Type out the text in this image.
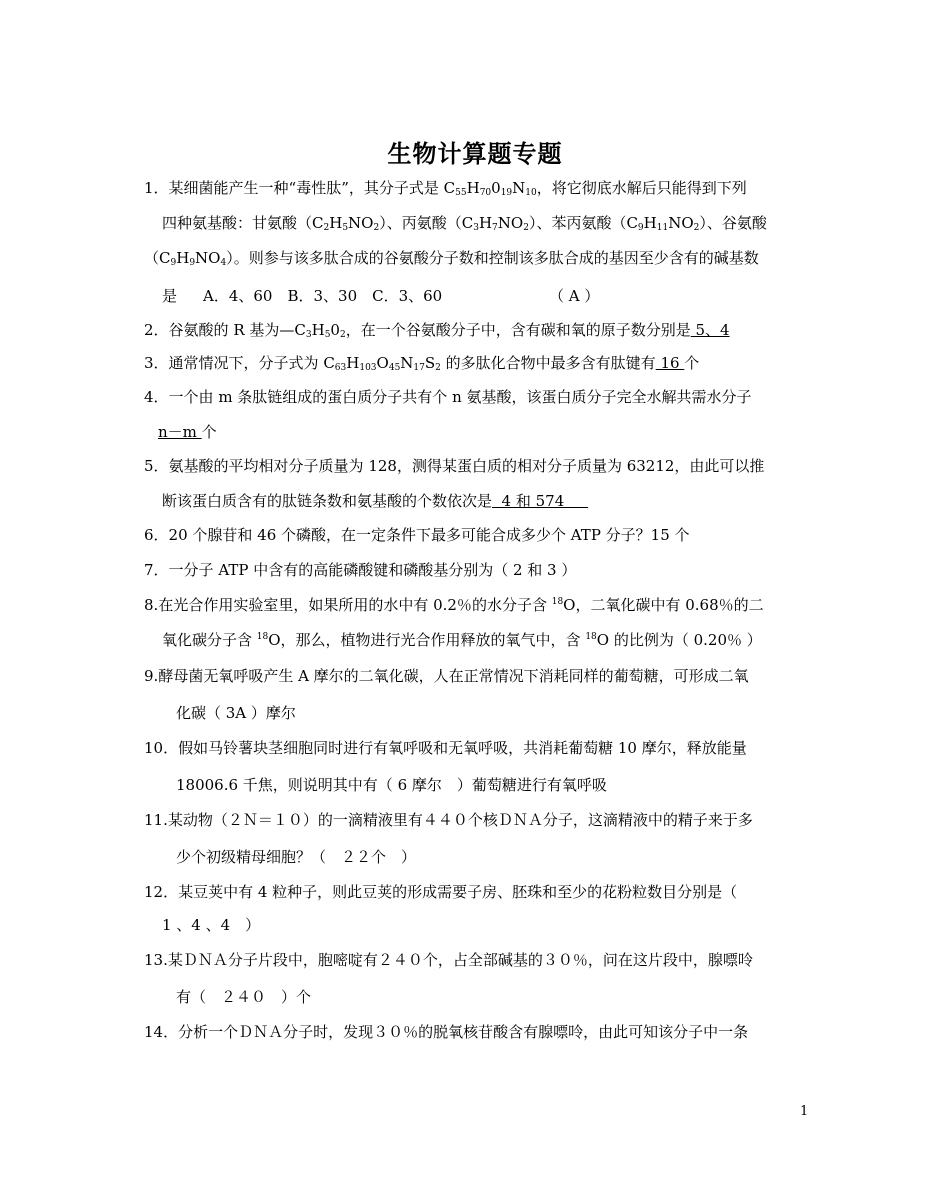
生物计算题专题
1．某细菌能产生一种“毒性肽”，其分子式是 $C_{55}H_{70}0_{19}N_{10}$，将它彻底水解后只能得到下列
四种氨基酸：甘氨酸$(C_2H_5NO_2)$、丙氨酸$(C_3H_7NO_2)$、苯丙氨酸$(C_9H_{11}NO_2)$、谷氨酸
$(C_9H_9NO_4)$。则参与该多肽合成的谷氨酸分子数和控制该多肽合成的基因至少含有的碱基数
是 A．4、60　B．3、30　C．3、60	（ A ）
2．谷氨酸的 R 基为$—C_3H_50_2$，在一个谷氨酸分子中，含有碳和氧的原子数分别是 5、4
3．通常情况下，分子式为 $C_{63}H_{103}O_{45}N_{17}S_2$ 的多肽化合物中最多含有肽键有 16 个
4．一个由 m 条肽链组成的蛋白质分子共有个 n 氨基酸，该蛋白质分子完全水解共需水分子
n－m 个
5．氨基酸的平均相对分子质量为 128，测得某蛋白质的相对分子质量为 63212，由此可以推
断该蛋白质含有的肽链条数和氨基酸的个数依次是  4 和 574
6．20 个腺苷和 46 个磷酸，在一定条件下最多可能合成多少个 ATP 分子？15 个
7．一分子 ATP 中含有的高能磷酸键和磷酸基分别为（ 2 和 3 ）
8.在光合作用实验室里，如果所用的水中有 0.2％的水分子含 $^{18}$O，二氧化碳中有 0.68％的二
氧化碳分子含 $^{18}$O，那么，植物进行光合作用释放的氧气中，含 $^{18}$O 的比例为（ 0.20％ ）
9.酵母菌无氧呼吸产生 A 摩尔的二氧化碳，人在正常情况下消耗同样的葡萄糖，可形成二氧
化碳（ 3A ）摩尔
10．假如马铃薯块茎细胞同时进行有氧呼吸和无氧呼吸，共消耗葡萄糖 10 摩尔，释放能量
18006.6 千焦，则说明其中有（ 6 摩尔　）葡萄糖进行有氧呼吸
11.某动物（２Ｎ＝１０）的一滴精液里有４４０个核ＤＮＡ分子，这滴精液中的精子来于多
少个初级精母细胞？（　２２个　）
12．某豆荚中有 4 粒种子，则此豆荚的形成需要子房、胚珠和至少的花粉粒数目分别是（
1 、4 、4　）
13.某ＤＮＡ分子片段中，胞嘧啶有２４０个，占全部碱基的３０％，问在这片段中，腺嘌呤
有（　２４０　）个
14．分析一个ＤＮＡ分子时，发现３０％的脱氧核苷酸含有腺嘌呤，由此可知该分子中一条
1
